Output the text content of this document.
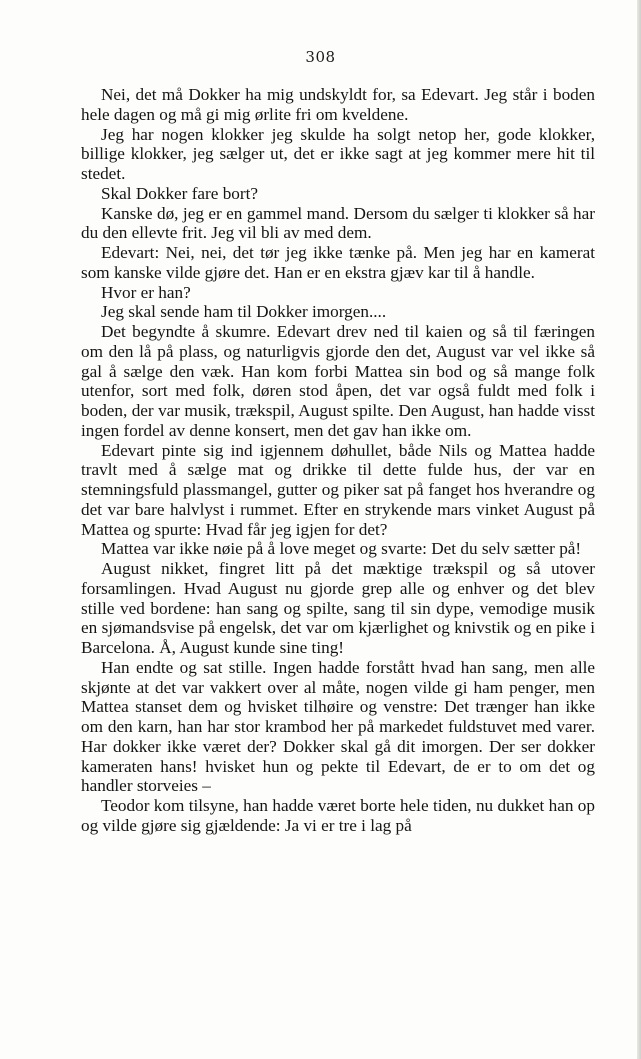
308

Nei, det må Dokker ha mig undskyldt for, sa Edevart. Jeg står i boden hele dagen og må gi mig ørlite fri om kveldene.

Jeg har nogen klokker jeg skulde ha solgt netop her, gode klokker, billige klokker, jeg sælger ut, det er ikke sagt at jeg kommer mere hit til stedet.

Skal Dokker fare bort?

Kanske dø, jeg er en gammel mand. Dersom du sælger ti klokker så har du den ellevte frit. Jeg vil bli av med dem.

Edevart: Nei, nei, det tør jeg ikke tænke på. Men jeg har en kamerat som kanske vilde gjøre det. Han er en ekstra gjæv kar til å handle.

Hvor er han?

Jeg skal sende ham til Dokker imorgen....

Det begyndte å skumre. Edevart drev ned til kaien og så til færingen om den lå på plass, og naturligvis gjorde den det, August var vel ikke så gal å sælge den væk. Han kom forbi Mattea sin bod og så mange folk utenfor, sort med folk, døren stod åpen, det var også fuldt med folk i boden, der var musik, trækspil, August spilte. Den August, han hadde visst ingen fordel av denne konsert, men det gav han ikke om.

Edevart pinte sig ind igjennem døhullet, både Nils og Mattea hadde travlt med å sælge mat og drikke til dette fulde hus, der var en stemningsfuld plassmangel, gutter og piker sat på fanget hos hverandre og det var bare halvlyst i rummet. Efter en strykende mars vinket August på Mattea og spurte: Hvad får jeg igjen for det?

Mattea var ikke nøie på å love meget og svarte: Det du selv sætter på!

August nikket, fingret litt på det mæktige trækspil og så utover forsamlingen. Hvad August nu gjorde grep alle og enhver og det blev stille ved bordene: han sang og spilte, sang til sin dype, vemodige musik en sjømandsvise på engelsk, det var om kjærlighet og knivstik og en pike i Barcelona. Å, August kunde sine ting!

Han endte og sat stille. Ingen hadde forstått hvad han sang, men alle skjønte at det var vakkert over al måte, nogen vilde gi ham penger, men Mattea stanset dem og hvisket tilhøire og venstre: Det trænger han ikke om den karn, han har stor krambod her på markedet fuldstuvet med varer. Har dokker ikke været der? Dokker skal gå dit imorgen. Der ser dokker kameraten hans! hvisket hun og pekte til Edevart, de er to om det og handler storveies –

Teodor kom tilsyne, han hadde været borte hele tiden, nu dukket han op og vilde gjøre sig gjældende: Ja vi er tre i lag på
